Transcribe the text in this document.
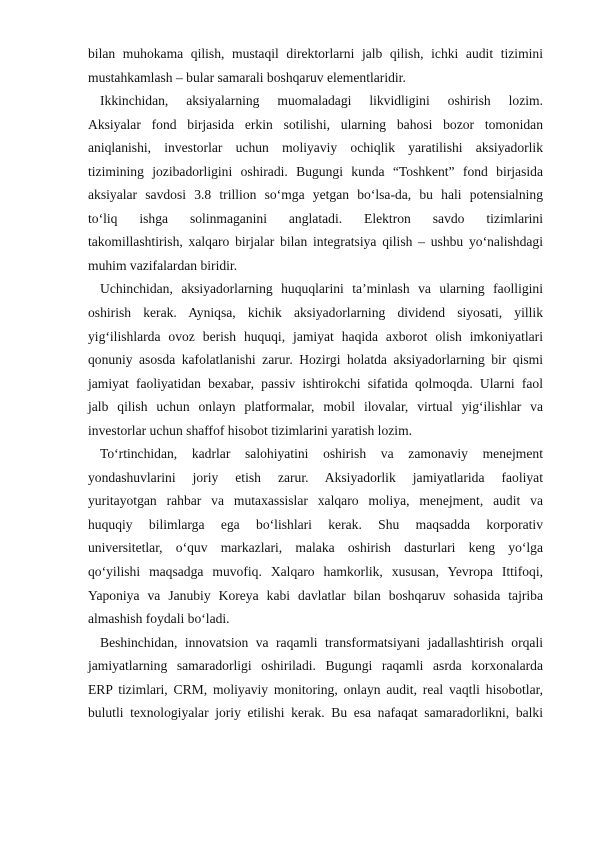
bilan muhokama qilish, mustaqil direktorlarni jalb qilish, ichki audit tizimini
mustahkamlash – bular samarali boshqaruv elementlaridir.
Ikkinchidan, aksiyalarning muomaladagi likvidligini oshirish lozim.
Aksiyalar fond birjasida erkin sotilishi, ularning bahosi bozor tomonidan
aniqlanishi, investorlar uchun moliyaviy ochiqlik yaratilishi aksiyadorlik
tizimining jozibadorligini oshiradi. Bugungi kunda “Toshkent” fond birjasida
aksiyalar savdosi 3.8 trillion so‘mga yetgan bo‘lsa-da, bu hali potensialning
to‘liq ishga solinmaganini anglatadi. Elektron savdo tizimlarini
takomillashtirish, xalqaro birjalar bilan integratsiya qilish – ushbu yo‘nalishdagi
muhim vazifalardan biridir.
Uchinchidan, aksiyadorlarning huquqlarini ta’minlash va ularning faolligini
oshirish kerak. Ayniqsa, kichik aksiyadorlarning dividend siyosati, yillik
yig‘ilishlarda ovoz berish huquqi, jamiyat haqida axborot olish imkoniyatlari
qonuniy asosda kafolatlanishi zarur. Hozirgi holatda aksiyadorlarning bir qismi
jamiyat faoliyatidan bexabar, passiv ishtirokchi sifatida qolmoqda. Ularni faol
jalb qilish uchun onlayn platformalar, mobil ilovalar, virtual yig‘ilishlar va
investorlar uchun shaffof hisobot tizimlarini yaratish lozim.
To‘rtinchidan, kadrlar salohiyatini oshirish va zamonaviy menejment
yondashuvlarini joriy etish zarur. Aksiyadorlik jamiyatlarida faoliyat
yuritayotgan rahbar va mutaxassislar xalqaro moliya, menejment, audit va
huquqiy bilimlarga ega bo‘lishlari kerak. Shu maqsadda korporativ
universitetlar, o‘quv markazlari, malaka oshirish dasturlari keng yo‘lga
qo‘yilishi maqsadga muvofiq. Xalqaro hamkorlik, xususan, Yevropa Ittifoqi,
Yaponiya va Janubiy Koreya kabi davlatlar bilan boshqaruv sohasida tajriba
almashish foydali bo‘ladi.
Beshinchidan, innovatsion va raqamli transformatsiyani jadallashtirish orqali
jamiyatlarning samaradorligi oshiriladi. Bugungi raqamli asrda korxonalarda
ERP tizimlari, CRM, moliyaviy monitoring, onlayn audit, real vaqtli hisobotlar,
bulutli texnologiyalar joriy etilishi kerak. Bu esa nafaqat samaradorlikni, balki
